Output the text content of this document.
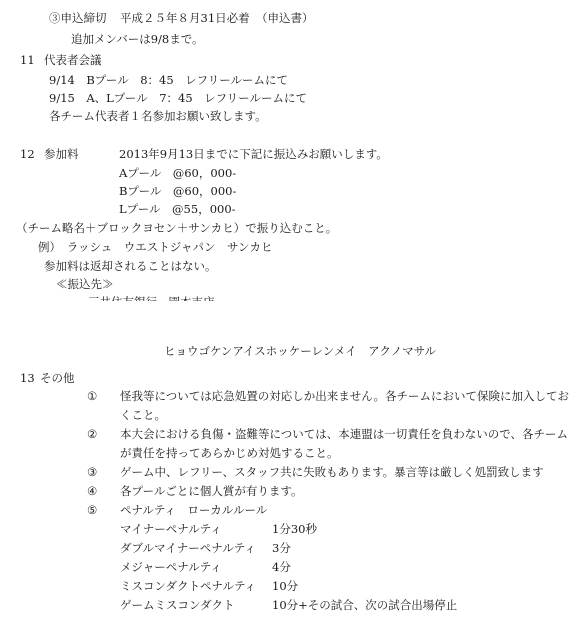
③申込締切 平成２５年８月31日必着 （申込書）
追加メンバーは9/8まで。
11 代表者会議
9/14　Bプール　8：45　レフリールームにて
9/15　A、Lプール　7：45　レフリールームにて
各チーム代表者１名参加お願い致します。
12 参加料	2013年9月13日までに下記に振込みお願いします。
Aプール　@60，000-
Bプール　@60，000-
Lプール　@55，000-
（チーム略名＋ブロックヨセン＋サンカヒ）で振り込むこと。
例）　ラッシュ　ウエストジャパン　サンカヒ
参加料は返却されることはない。
≪振込先≫
ヒョウゴケンアイスホッケーレンメイ　アクノマサル
13 その他
① 怪我等については応急処置の対応しか出来ません。各チームにおいて保険に加入してお
くこと。
② 本大会における負傷・盗難等については、本連盟は一切責任を負わないので、各チーム
が責任を持ってあらかじめ対処すること。
③ ゲーム中、レフリー、スタッフ共に失敗もあります。暴言等は厳しく処罰致します
④ 各プールごとに個人賞が有ります。
⑤ ペナルティ　ローカルルール
マイナーペナルティ	1分30秒
ダブルマイナーペナルティ 3分
メジャーペナルティ	4分
ミスコンダクトペナルティ 10分
ゲームミスコンダクト	10分+その試合、次の試合出場停止
